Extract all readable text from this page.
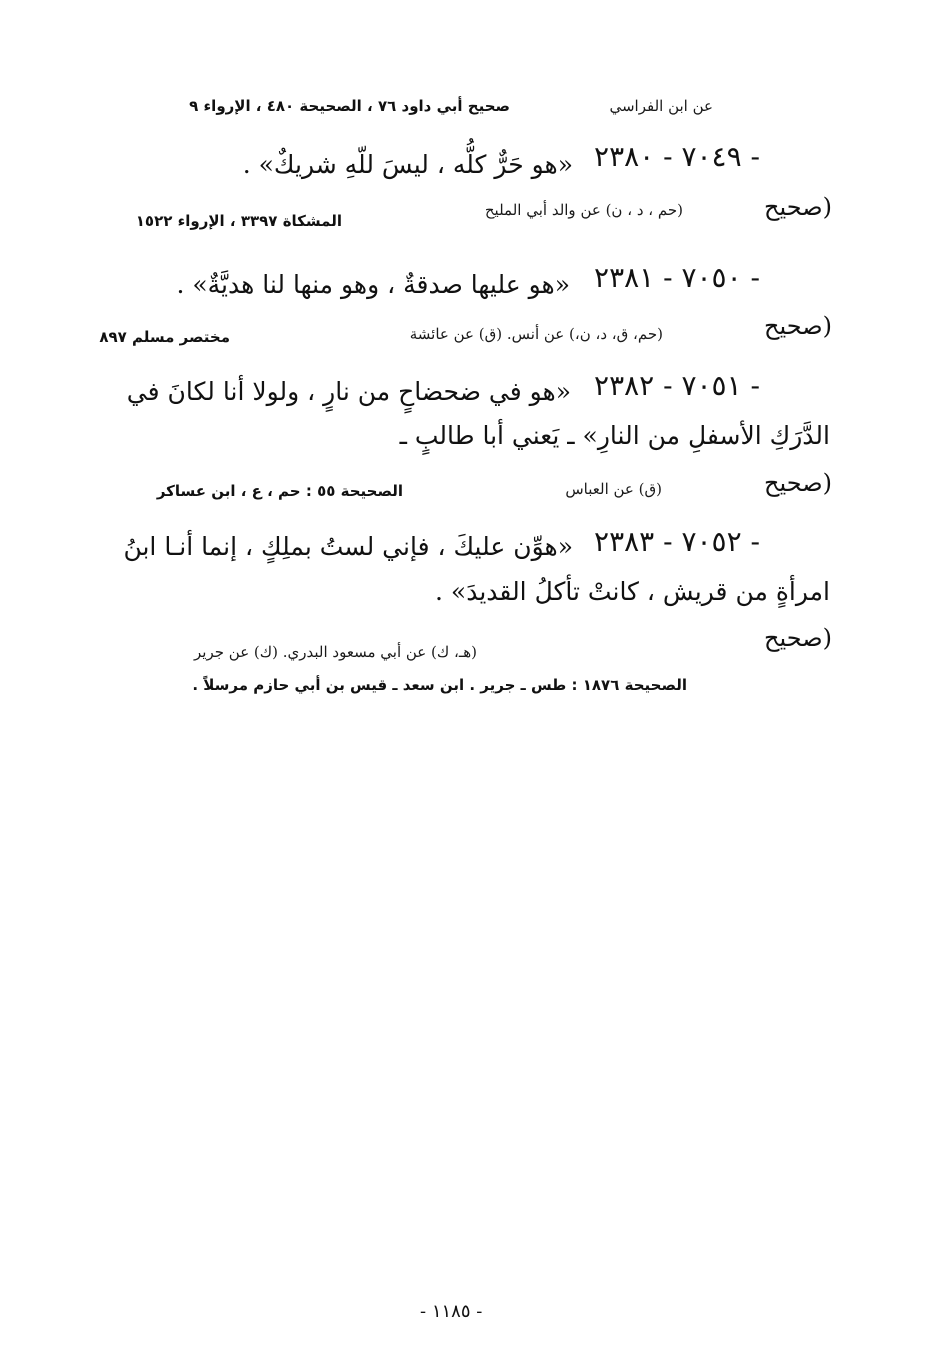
عن ابن الفراسي
صحيح أبي داود ٧٦ ، الصحيحة ٤٨٠ ، الإرواء ٩
٧٠٤٩ - ٢٣٨٠ -
«هو حَرٌّ كلُّه ، ليسَ للّهِ شريكٌ» .
(صحيح
(حم ، د ، ن) عن والد أبي المليح
المشكاة ٣٣٩٧ ، الإرواء ١٥٢٢
٧٠٥٠ - ٢٣٨١ -
«هو عليها صدقةٌ ، وهو منها لنا هديَّةٌ» .
(صحيح
(حم، ق، د، ن،) عن أنس. (ق) عن عائشة
مختصر مسلم ٨٩٧
٧٠٥١ - ٢٣٨٢ -
«هو في ضحضاحٍ من نارٍ ، ولولا أنا لكانَ في
الدَّرَكِ الأسفلِ من النارِ» ـ يَعني أبا طالبٍ ـ
(صحيح
(ق) عن العباس
الصحيحة ٥٥ : حم ، ع ، ابن عساكر
٧٠٥٢ - ٢٣٨٣ -
«هوِّن عليكَ ، فإني لستُ بملِكٍ ، إنما أنـا ابنُ
امرأةٍ من قريش ، كانتْ تأكلُ القديدَ» .
(صحيح
(هـ، ك) عن أبي مسعود البدري. (ك) عن جرير
الصحيحة ١٨٧٦ : طس ـ جرير . ابن سعد ـ قيس بن أبي حازم مرسلاً .
- ١١٨٥ -
